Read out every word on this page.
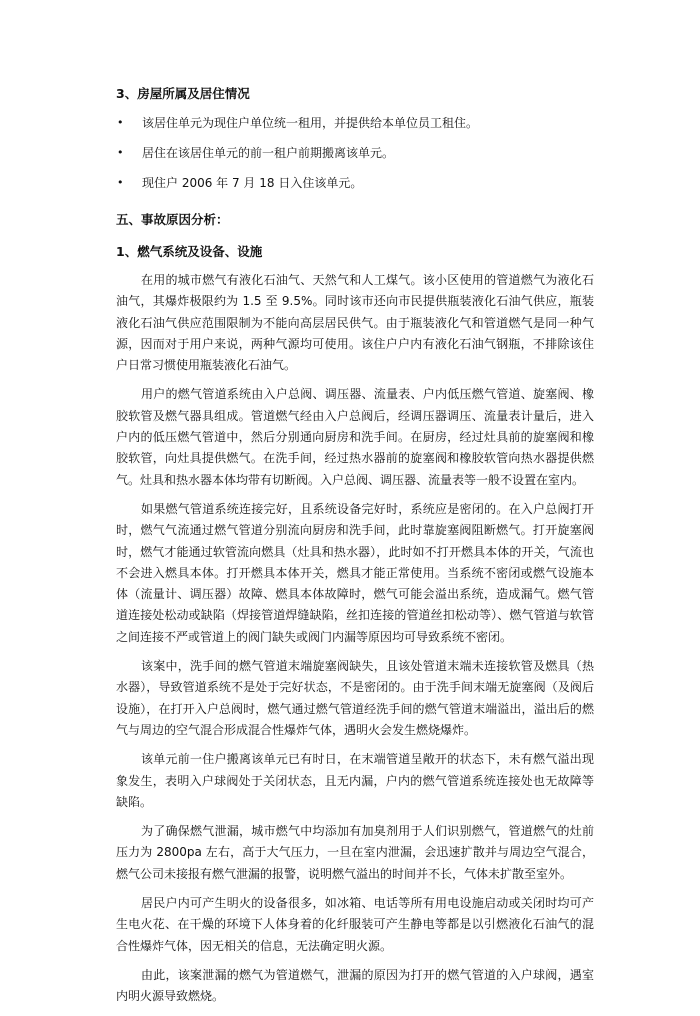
3、房屋所属及居住情况

• 该居住单元为现住户单位统一租用，并提供给本单位员工租住。
• 居住在该居住单元的前一租户前期搬离该单元。
• 现住户 2006 年 7 月 18 日入住该单元。

五、事故原因分析：

1、燃气系统及设备、设施

在用的城市燃气有液化石油气、天然气和人工煤气。该小区使用的管道燃气为液化石油气，其爆炸极限约为 1.5 至 9.5%。同时该市还向市民提供瓶装液化石油气供应，瓶装液化石油气供应范围限制为不能向高层居民供气。由于瓶装液化气和管道燃气是同一种气源，因而对于用户来说，两种气源均可使用。该住户户内有液化石油气钢瓶，不排除该住户日常习惯使用瓶装液化石油气。

用户的燃气管道系统由入户总阀、调压器、流量表、户内低压燃气管道、旋塞阀、橡胶软管及燃气器具组成。管道燃气经由入户总阀后，经调压器调压、流量表计量后，进入户内的低压燃气管道中，然后分别通向厨房和洗手间。在厨房，经过灶具前的旋塞阀和橡胶软管，向灶具提供燃气。在洗手间，经过热水器前的旋塞阀和橡胶软管向热水器提供燃气。灶具和热水器本体均带有切断阀。入户总阀、调压器、流量表等一般不设置在室内。

如果燃气管道系统连接完好，且系统设备完好时，系统应是密闭的。在入户总阀打开时，燃气气流通过燃气管道分别流向厨房和洗手间，此时靠旋塞阀阻断燃气。打开旋塞阀时，燃气才能通过软管流向燃具（灶具和热水器），此时如不打开燃具本体的开关，气流也不会进入燃具本体。打开燃具本体开关，燃具才能正常使用。当系统不密闭或燃气设施本体（流量计、调压器）故障、燃具本体故障时，燃气可能会溢出系统，造成漏气。燃气管道连接处松动或缺陷（焊接管道焊缝缺陷，丝扣连接的管道丝扣松动等）、燃气管道与软管之间连接不严或管道上的阀门缺失或阀门内漏等原因均可导致系统不密闭。

该案中，洗手间的燃气管道末端旋塞阀缺失，且该处管道末端未连接软管及燃具（热水器），导致管道系统不是处于完好状态，不是密闭的。由于洗手间末端无旋塞阀（及阀后设施），在打开入户总阀时，燃气通过燃气管道经洗手间的燃气管道末端溢出，溢出后的燃气与周边的空气混合形成混合性爆炸气体，遇明火会发生燃烧爆炸。

该单元前一住户搬离该单元已有时日，在末端管道呈敞开的状态下，未有燃气溢出现象发生，表明入户球阀处于关闭状态，且无内漏，户内的燃气管道系统连接处也无故障等缺陷。

为了确保燃气泄漏，城市燃气中均添加有加臭剂用于人们识别燃气，管道燃气的灶前压力为 2800pa 左右，高于大气压力，一旦在室内泄漏，会迅速扩散并与周边空气混合，燃气公司未接报有燃气泄漏的报警，说明燃气溢出的时间并不长，气体未扩散至室外。

居民户内可产生明火的设备很多，如冰箱、电话等所有用电设施启动或关闭时均可产生电火花、在干燥的环境下人体身着的化纤服装可产生静电等都是以引燃液化石油气的混合性爆炸气体，因无相关的信息，无法确定明火源。

由此，该案泄漏的燃气为管道燃气，泄漏的原因为打开的燃气管道的入户球阀，遇室内明火源导致燃烧。
